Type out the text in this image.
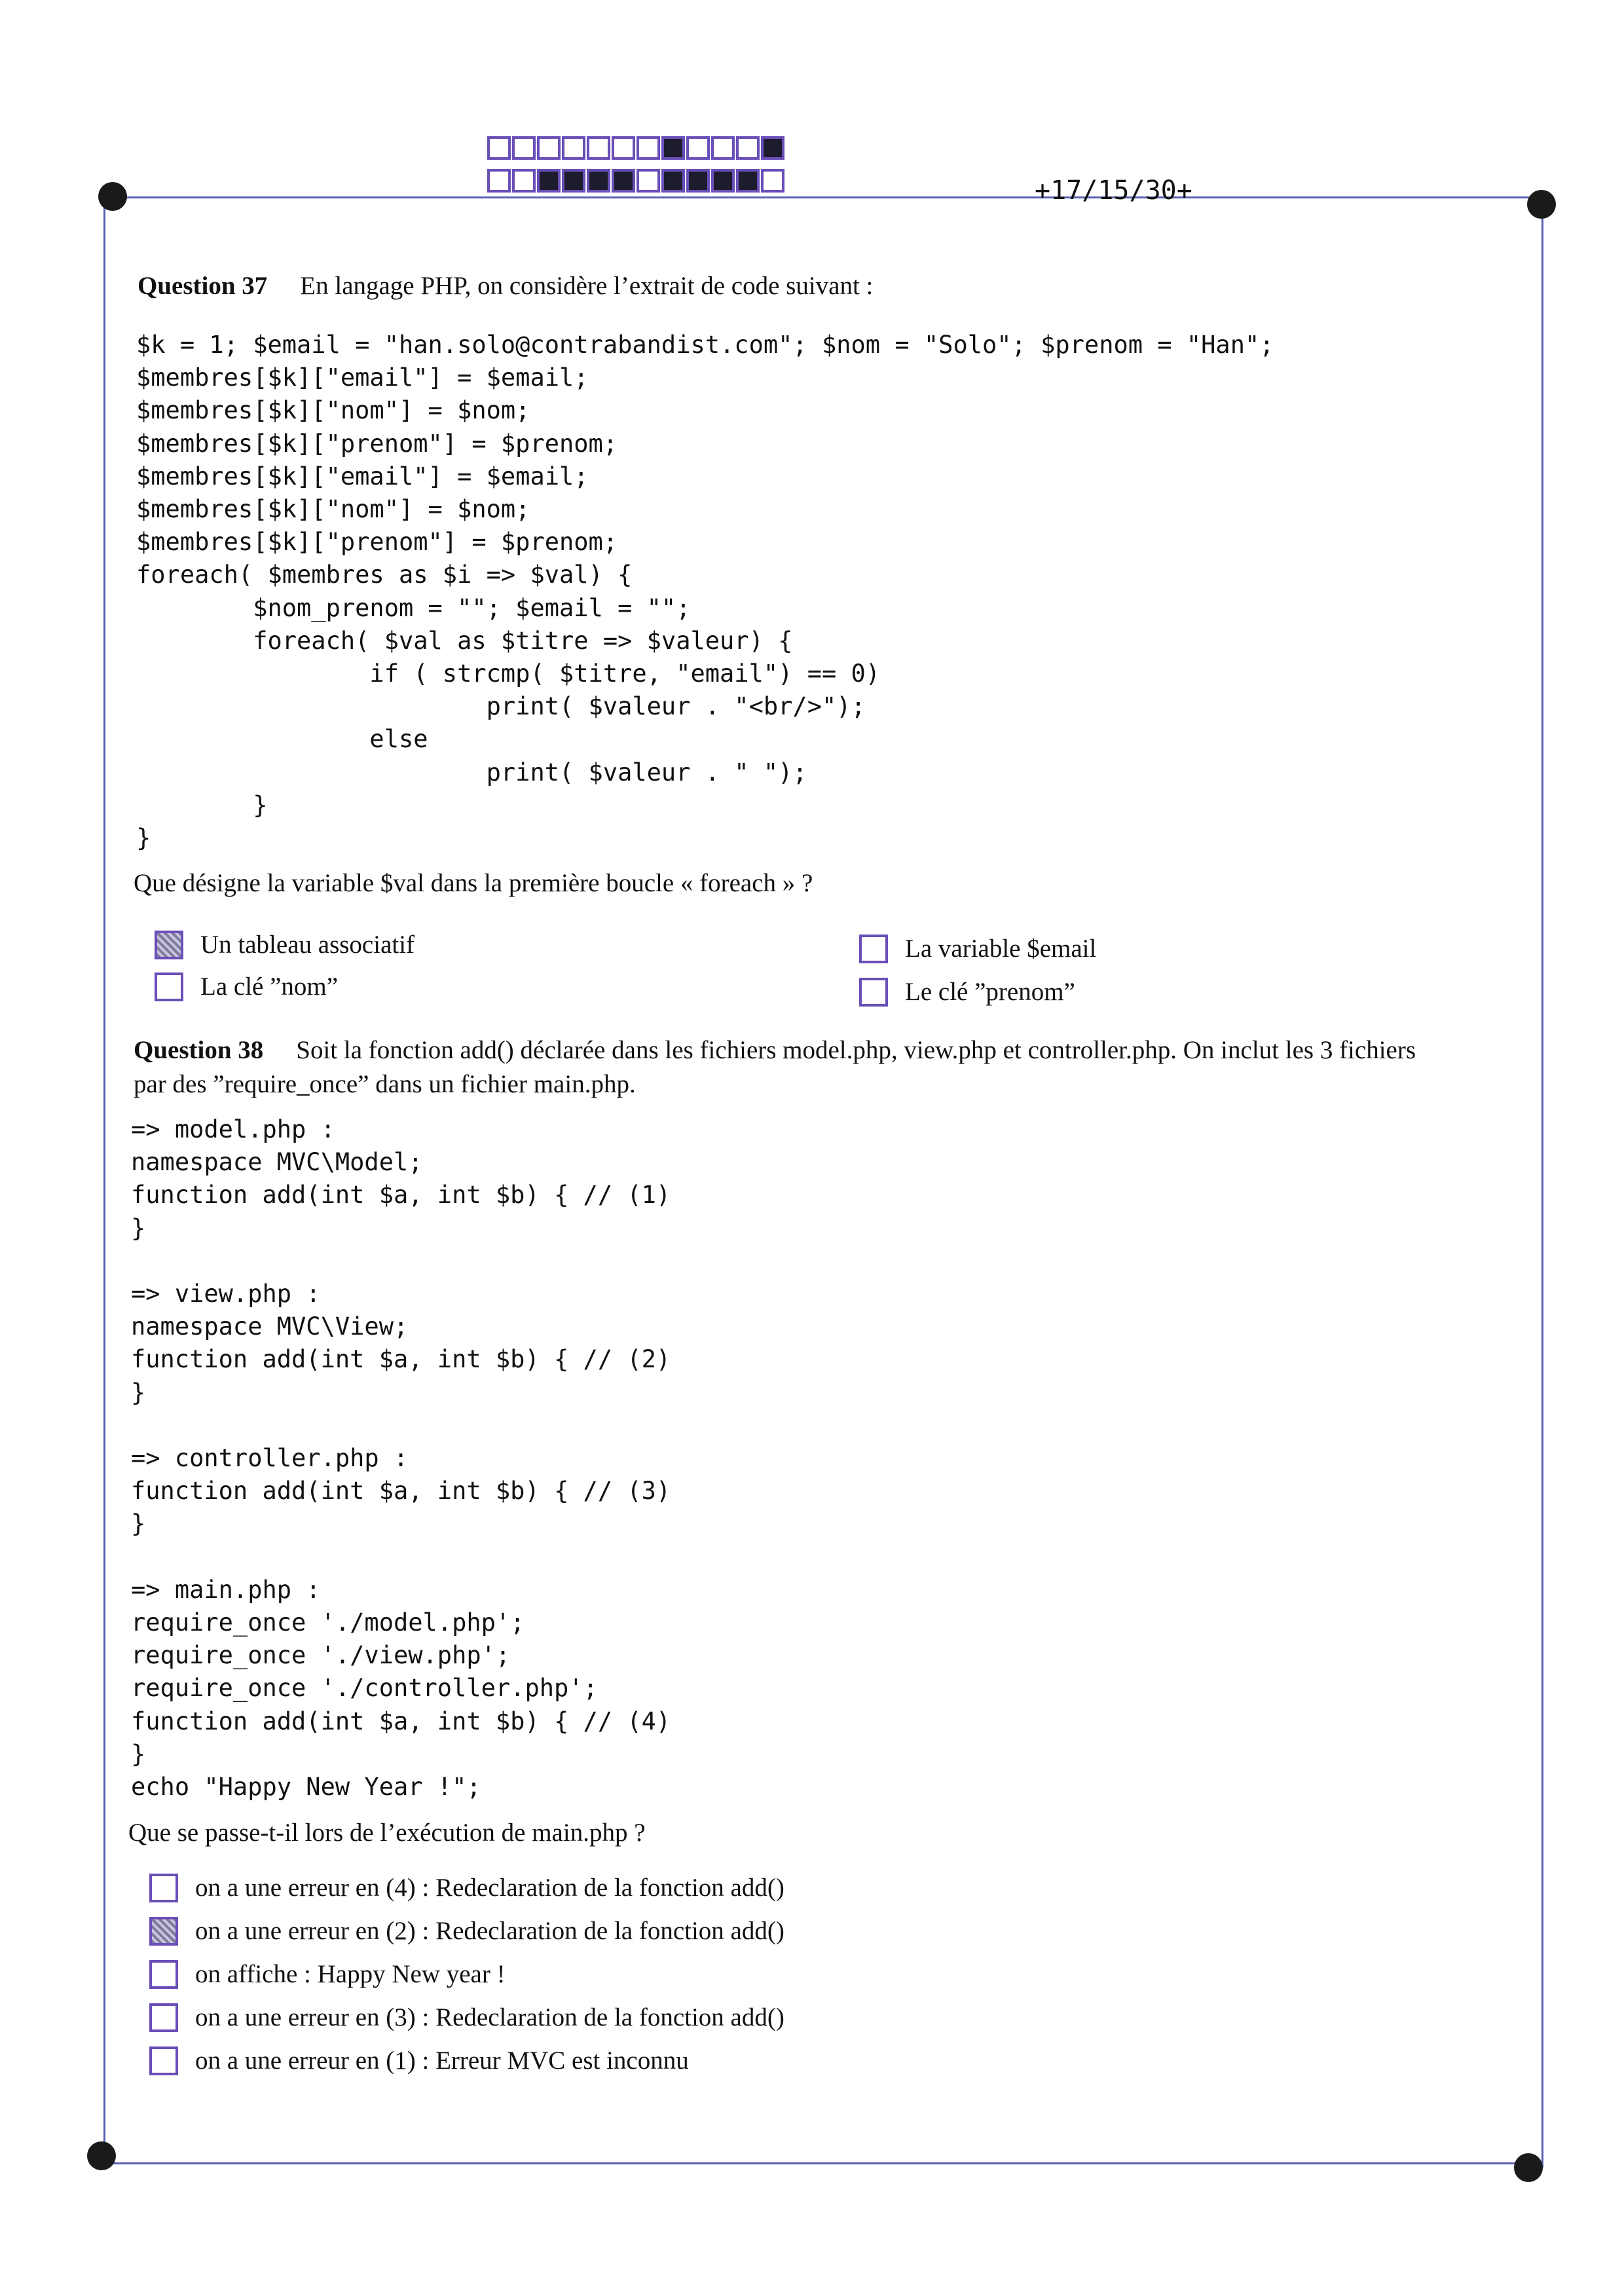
+17/15/30+
Question 37 En langage PHP, on considère l’extrait de code suivant :
$k = 1; $email = "han.solo@contrabandist.com"; $nom = "Solo"; $prenom = "Han";
$membres[$k]["email"] = $email;
$membres[$k]["nom"] = $nom;
$membres[$k]["prenom"] = $prenom;
$membres[$k]["email"] = $email;
$membres[$k]["nom"] = $nom;
$membres[$k]["prenom"] = $prenom;
foreach( $membres as $i => $val) {
$nom_prenom = ""; $email = "";
foreach( $val as $titre => $valeur) {
if ( strcmp( $titre, "email") == 0)
print( $valeur . "<br/>");
else
print( $valeur . " ");
}
}
Que désigne la variable $val dans la première boucle « foreach » ?
Un tableau associatif	La variable $email
La clé ”nom”	Le clé ”prenom”
Question 38 Soit la fonction add() déclarée dans les fichiers model.php, view.php et controller.php. On inclut les 3 fichiers
par des ”require_once” dans un fichier main.php.
=> model.php :
namespace MVC\Model;
function add(int $a, int $b) { // (1)
}

=> view.php :
namespace MVC\View;
function add(int $a, int $b) { // (2)
}

=> controller.php :
function add(int $a, int $b) { // (3)
}

=> main.php :
require_once './model.php';
require_once './view.php';
require_once './controller.php';
function add(int $a, int $b) { // (4)
}
echo "Happy New Year !";
Que se passe-t-il lors de l’exécution de main.php ?
on a une erreur en (4) : Redeclaration de la fonction add()
on a une erreur en (2) : Redeclaration de la fonction add()
on affiche : Happy New year !
on a une erreur en (3) : Redeclaration de la fonction add()
on a une erreur en (1) : Erreur MVC est inconnu
